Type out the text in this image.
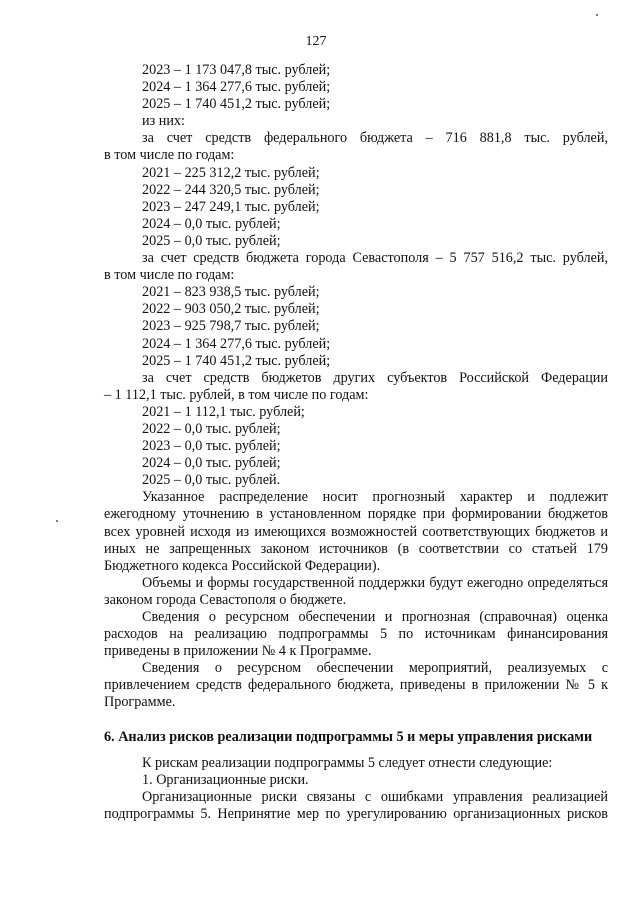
127
2023 – 1 173 047,8 тыс. рублей;
2024 – 1 364 277,6 тыс. рублей;
2025 – 1 740 451,2 тыс. рублей;
из них:
за счет средств федерального бюджета – 716 881,8 тыс. рублей,
в том числе по годам:
2021 – 225 312,2 тыс. рублей;
2022 – 244 320,5 тыс. рублей;
2023 – 247 249,1 тыс. рублей;
2024 – 0,0 тыс. рублей;
2025 – 0,0 тыс. рублей;
за счет средств бюджета города Севастополя – 5 757 516,2 тыс. рублей,
в том числе по годам:
2021 – 823 938,5 тыс. рублей;
2022 – 903 050,2 тыс. рублей;
2023 – 925 798,7 тыс. рублей;
2024 – 1 364 277,6 тыс. рублей;
2025 – 1 740 451,2 тыс. рублей;
за счет средств бюджетов других субъектов Российской Федерации
– 1 112,1 тыс. рублей, в том числе по годам:
2021 – 1 112,1 тыс. рублей;
2022 – 0,0 тыс. рублей;
2023 – 0,0 тыс. рублей;
2024 – 0,0 тыс. рублей;
2025 – 0,0 тыс. рублей.

Указанное распределение носит прогнозный характер и подлежит ежегодному уточнению в установленном порядке при формировании бюджетов всех уровней исходя из имеющихся возможностей соответствующих бюджетов и иных не запрещенных законом источников (в соответствии со статьей 179 Бюджетного кодекса Российской Федерации).

Объемы и формы государственной поддержки будут ежегодно определяться законом города Севастополя о бюджете.

Сведения о ресурсном обеспечении и прогнозная (справочная) оценка расходов на реализацию подпрограммы 5 по источникам финансирования приведены в приложении № 4 к Программе.

Сведения о ресурсном обеспечении мероприятий, реализуемых с привлечением средств федерального бюджета, приведены в приложении № 5 к Программе.

6. Анализ рисков реализации подпрограммы 5 и меры управления рисками

К рискам реализации подпрограммы 5 следует отнести следующие:

1. Организационные риски.

Организационные риски связаны с ошибками управления реализацией подпрограммы 5. Непринятие мер по урегулированию организационных рисков
